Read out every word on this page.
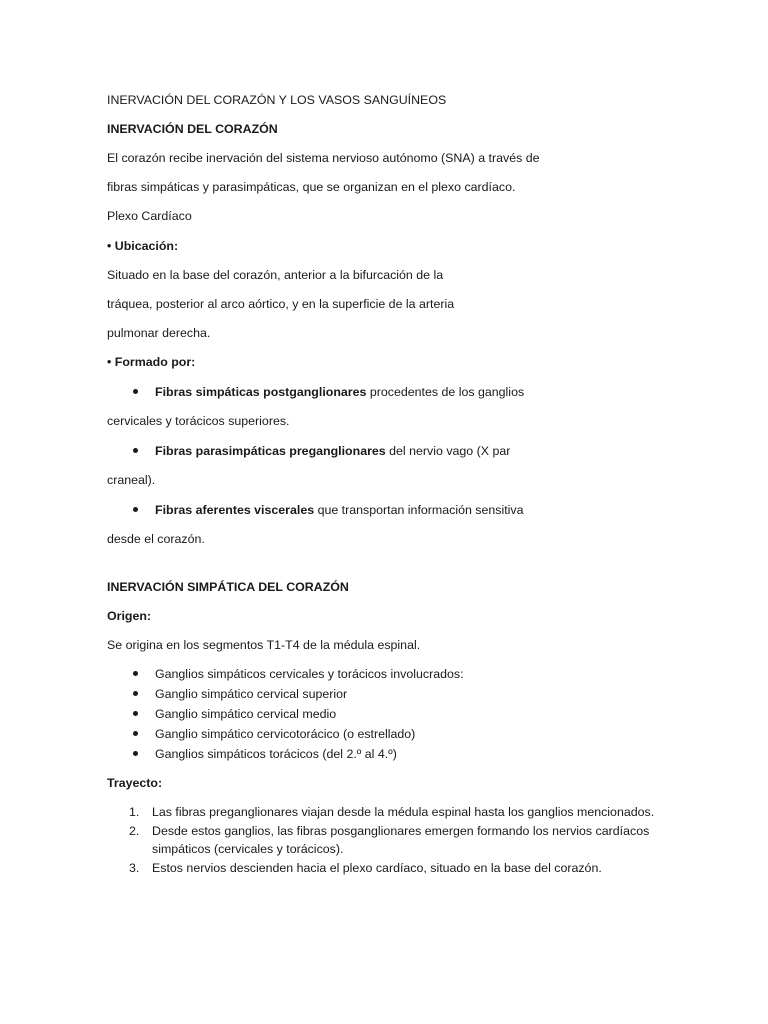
INERVACIÓN DEL CORAZÓN Y LOS VASOS SANGUÍNEOS
INERVACIÓN DEL CORAZÓN
El corazón recibe inervación del sistema nervioso autónomo (SNA) a través de
fibras simpáticas y parasimpáticas, que se organizan en el plexo cardíaco.
Plexo Cardíaco
• Ubicación:
Situado en la base del corazón, anterior a la bifurcación de la
tráquea, posterior al arco aórtico, y en la superficie de la arteria
pulmonar derecha.
• Formado por:
Fibras simpáticas postganglionares procedentes de los ganglios
cervicales y torácicos superiores.
Fibras parasimpáticas preganglionares del nervio vago (X par
craneal).
Fibras aferentes viscerales que transportan información sensitiva
desde el corazón.
INERVACIÓN SIMPÁTICA DEL CORAZÓN
Origen:
Se origina en los segmentos T1-T4 de la médula espinal.
Ganglios simpáticos cervicales y torácicos involucrados:
Ganglio simpático cervical superior
Ganglio simpático cervical medio
Ganglio simpático cervicotorácico (o estrellado)
Ganglios simpáticos torácicos (del 2.º al 4.º)
Trayecto:
1. Las fibras preganglionares viajan desde la médula espinal hasta los ganglios mencionados.
2. Desde estos ganglios, las fibras posganglionares emergen formando los nervios cardíacos
simpáticos (cervicales y torácicos).
3. Estos nervios descienden hacia el plexo cardíaco, situado en la base del corazón.
